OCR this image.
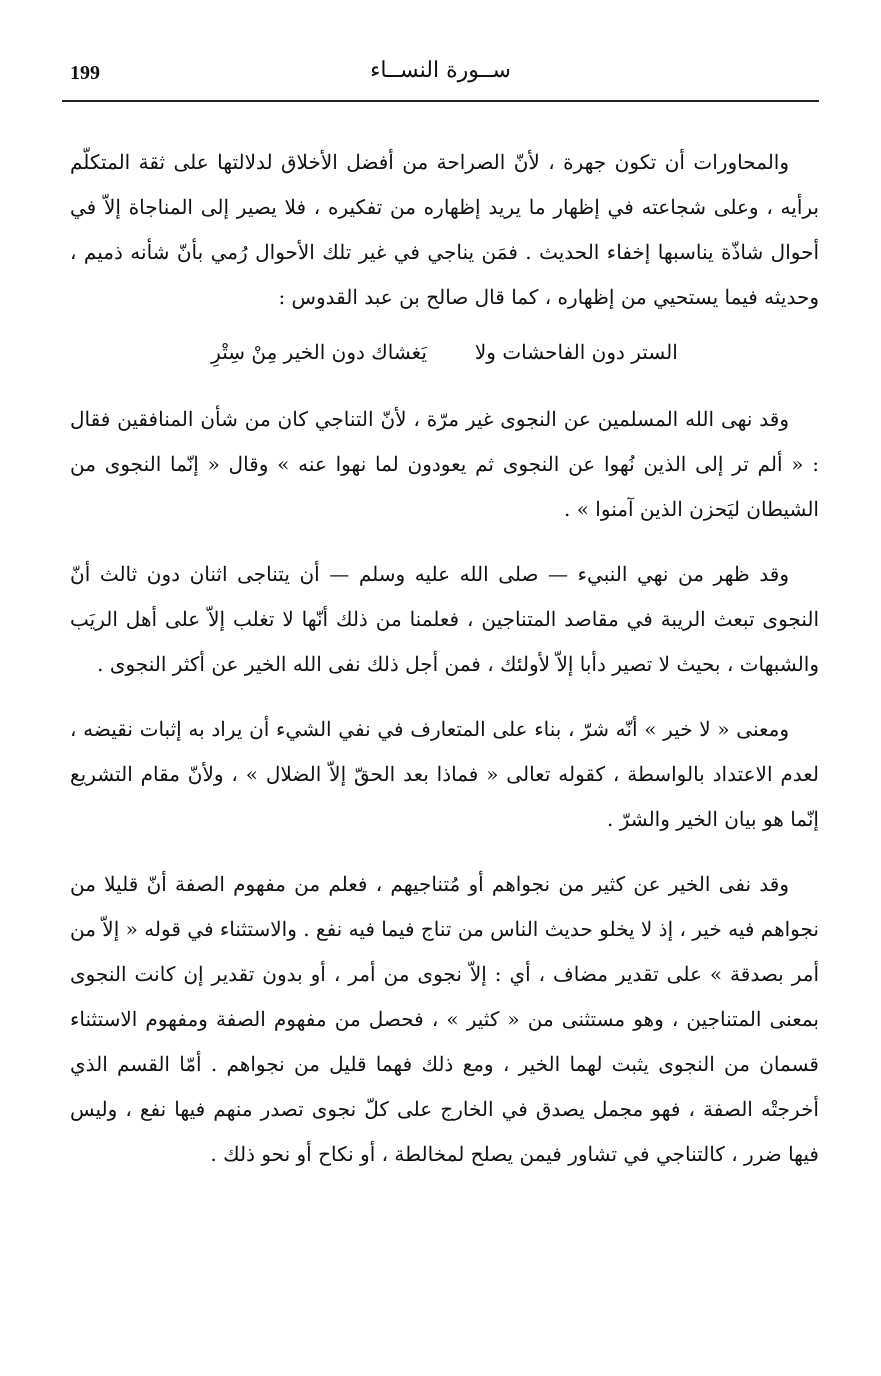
199	ســورة النســاء

والمحاورات أن تكون جهرة ، لأنّ الصراحة من أفضل الأخلاق لدلالتها على ثقة المتكلّم برأيه ، وعلى شجاعته في إظهار ما يريد إظهاره من تفكيره ، فلا يصير إلى المناجاة إلاّ في أحوال شاذّة يناسبها إخفاء الحديث . فمَن يناجي في غير تلك الأحوال رُمي بأنّ شأنه ذميم ، وحديثه فيما يستحيي من إظهاره ، كما قال صالح بن عبد القدوس :

الستر دون الفاحشات ولا
يَغشاك دون الخير مِنْ سِتْرِ

وقد نهى الله المسلمين عن النجوى غير مرّة ، لأنّ التناجي كان من شأن المنافقين فقال : « ألم تر إلى الذين نُهوا عن النجوى ثم يعودون لما نهوا عنه » وقال « إنّما النجوى من الشيطان ليَحزن الذين آمنوا » .

وقد ظهر من نهي النبيء — صلى الله عليه وسلم — أن يتناجى اثنان دون ثالث أنّ النجوى تبعث الريبة في مقاصد المتناجين ، فعلمنا من ذلك أنّها لا تغلب إلاّ على أهل الريَب والشبهات ، بحيث لا تصير دأبا إلاّ لأولئك ، فمن أجل ذلك نفى الله الخير عن أكثر النجوى .

ومعنى « لا خير » أنّه شرّ ، بناء على المتعارف في نفي الشيء أن يراد به إثبات نقيضه ، لعدم الاعتداد بالواسطة ، كقوله تعالى « فماذا بعد الحقّ إلاّ الضلال » ، ولأنّ مقام التشريع إنّما هو بيان الخير والشرّ .

وقد نفى الخير عن كثير من نجواهم أو مُتناجيهم ، فعلم من مفهوم الصفة أنّ قليلا من نجواهم فيه خير ، إذ لا يخلو حديث الناس من تناج فيما فيه نفع . والاستثناء في قوله « إلاّ من أمر بصدقة » على تقدير مضاف ، أي : إلاّ نجوى من أمر ، أو بدون تقدير إن كانت النجوى بمعنى المتناجين ، وهو مستثنى من « كثير » ، فحصل من مفهوم الصفة ومفهوم الاستثناء قسمان من النجوى يثبت لهما الخير ، ومع ذلك فهما قليل من نجواهم . أمّا القسم الذي أخرجتْه الصفة ، فهو مجمل يصدق في الخارج على كلّ نجوى تصدر منهم فيها نفع ، وليس فيها ضرر ، كالتناجي في تشاور فيمن يصلح لمخالطة ، أو نكاح أو نحو ذلك .
